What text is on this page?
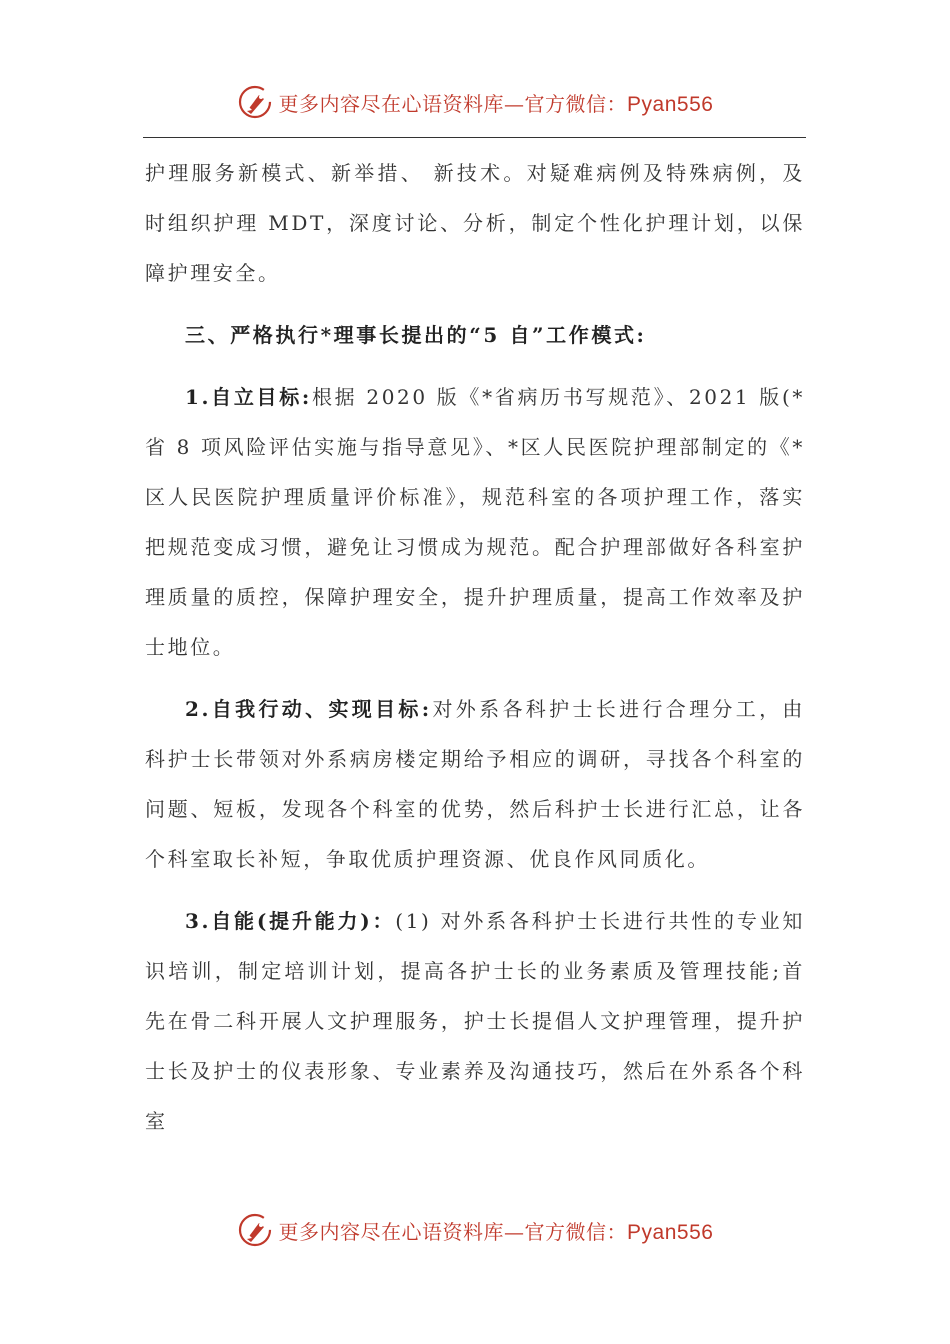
更多内容尽在心语资料库—官方微信：Pyan556

护理服务新模式、新举措、 新技术。对疑难病例及特殊病例，及时组织护理 MDT，深度讨论、分析，制定个性化护理计划，以保障护理安全。

三、严格执行*理事长提出的“5 自”工作模式:

1.自立目标:根据 2020 版《*省病历书写规范》、2021 版(*省 8 项风险评估实施与指导意见》、*区人民医院护理部制定的《*区人民医院护理质量评价标准》，规范科室的各项护理工作，落实把规范变成习惯，避免让习惯成为规范。配合护理部做好各科室护理质量的质控，保障护理安全，提升护理质量，提高工作效率及护士地位。

2.自我行动、实现目标:对外系各科护士长进行合理分工，由科护士长带领对外系病房楼定期给予相应的调研，寻找各个科室的问题、短板，发现各个科室的优势，然后科护士长进行汇总，让各个科室取长补短，争取优质护理资源、优良作风同质化。

3.自能(提升能力)：(1) 对外系各科护士长进行共性的专业知识培训，制定培训计划，提高各护士长的业务素质及管理技能;首先在骨二科开展人文护理服务，护士长提倡人文护理管理，提升护士长及护士的仪表形象、专业素养及沟通技巧，然后在外系各个科室

更多内容尽在心语资料库—官方微信：Pyan556
